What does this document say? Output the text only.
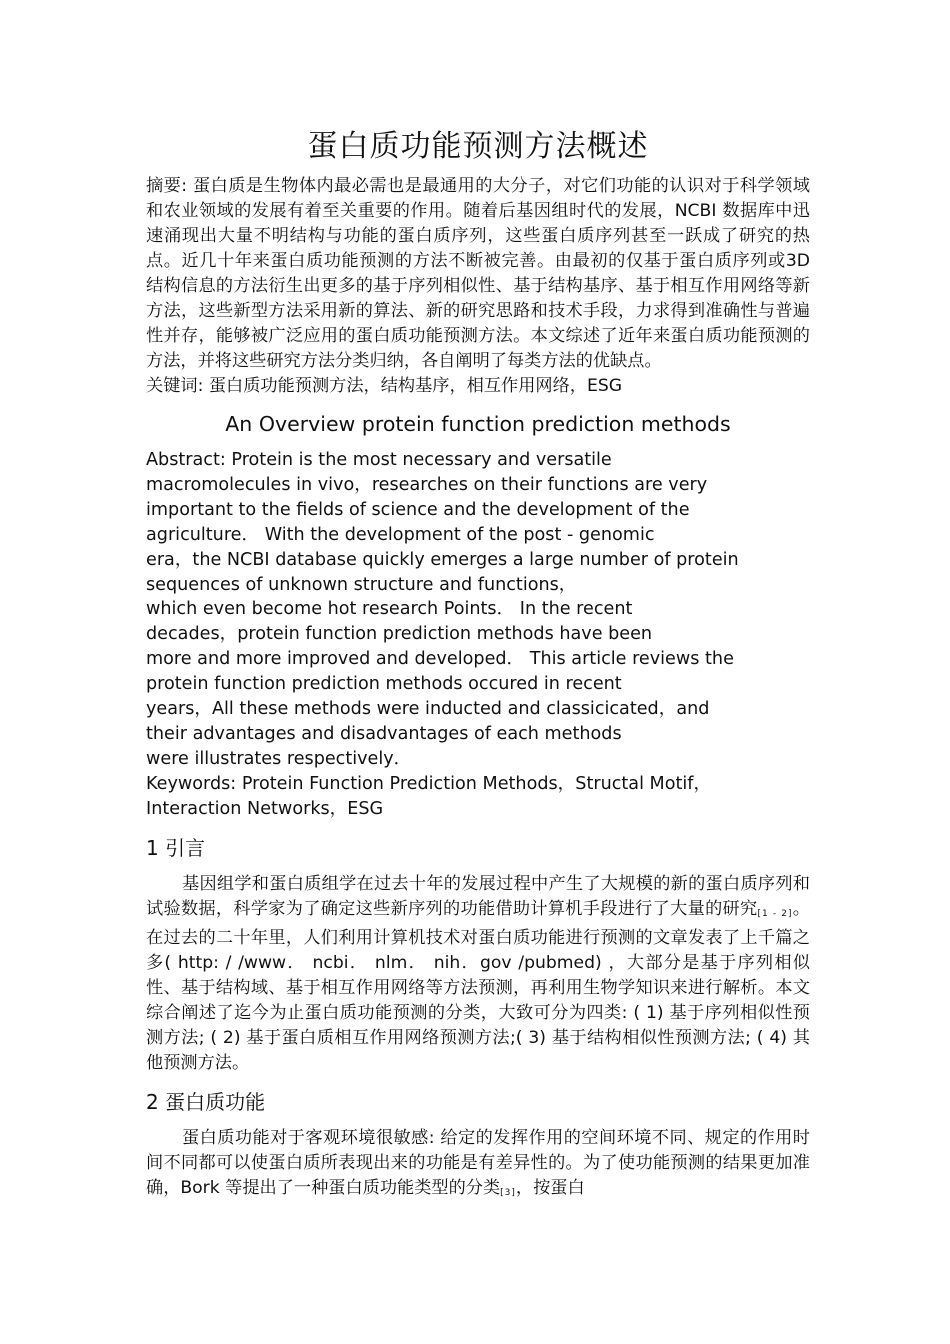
蛋白质功能预测方法概述

摘要: 蛋白质是生物体内最必需也是最通用的大分子，对它们功能的认识对于科学领域和农业领域的发展有着至关重要的作用。随着后基因组时代的发展，NCBI 数据库中迅速涌现出大量不明结构与功能的蛋白质序列，这些蛋白质序列甚至一跃成了研究的热点。近几十年来蛋白质功能预测的方法不断被完善。由最初的仅基于蛋白质序列或3D 结构信息的方法衍生出更多的基于序列相似性、基于结构基序、基于相互作用网络等新方法，这些新型方法采用新的算法、新的研究思路和技术手段，力求得到准确性与普遍性并存，能够被广泛应用的蛋白质功能预测方法。本文综述了近年来蛋白质功能预测的方法，并将这些研究方法分类归纳，各自阐明了每类方法的优缺点。

关键词: 蛋白质功能预测方法，结构基序，相互作用网络，ESG

An Overview protein function prediction methods

Abstract: Protein is the most necessary and versatile
macromolecules in vivo，researches on their functions are very
important to the fields of science and the development of the
agriculture． With the development of the post - genomic
era，the NCBI database quickly emerges a large number of protein
sequences of unknown structure and functions，
which even become hot research Points． In the recent
decades，protein function prediction methods have been
more and more improved and developed． This article reviews the
protein function prediction methods occured in recent
years，All these methods were inducted and classicicated，and
their advantages and disadvantages of each methods
were illustrates respectively．

Keywords: Protein Function Prediction Methods，Structal Motif，
Interaction Networks，ESG

1 引言

基因组学和蛋白质组学在过去十年的发展过程中产生了大规模的新的蛋白质序列和试验数据，科学家为了确定这些新序列的功能借助计算机手段进行了大量的研究[1 - 2]。在过去的二十年里，人们利用计算机技术对蛋白质功能进行预测的文章发表了上千篇之多( http: / /www． ncbi． nlm． nih．gov /pubmed) ，大部分是基于序列相似性、基于结构域、基于相互作用网络等方法预测，再利用生物学知识来进行解析。本文综合阐述了迄今为止蛋白质功能预测的分类，大致可分为四类: ( 1) 基于序列相似性预测方法; ( 2) 基于蛋白质相互作用网络预测方法;( 3) 基于结构相似性预测方法; ( 4) 其他预测方法。

2 蛋白质功能

蛋白质功能对于客观环境很敏感: 给定的发挥作用的空间环境不同、规定的作用时间不同都可以使蛋白质所表现出来的功能是有差异性的。为了使功能预测的结果更加准确，Bork 等提出了一种蛋白质功能类型的分类[3]，按蛋白
